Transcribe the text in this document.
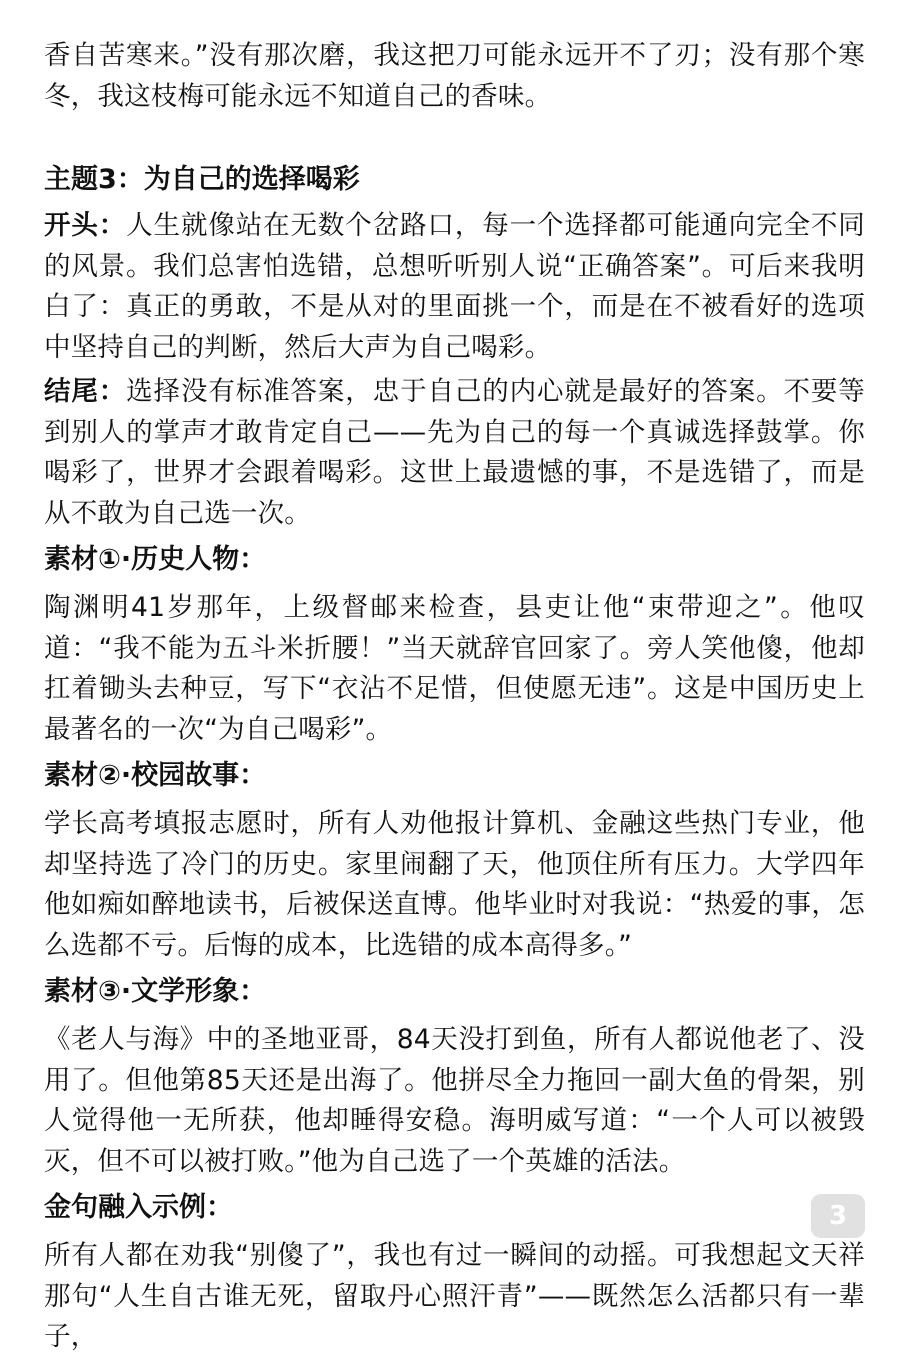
香自苦寒来。”没有那次磨，我这把刀可能永远开不了刃；没有那个寒冬，我这枝梅可能永远不知道自己的香味。

主题3：为自己的选择喝彩

开头：人生就像站在无数个岔路口，每一个选择都可能通向完全不同的风景。我们总害怕选错，总想听听别人说“正确答案”。可后来我明白了：真正的勇敢，不是从对的里面挑一个，而是在不被看好的选项中坚持自己的判断，然后大声为自己喝彩。

结尾：选择没有标准答案，忠于自己的内心就是最好的答案。不要等到别人的掌声才敢肯定自己——先为自己的每一个真诚选择鼓掌。你喝彩了，世界才会跟着喝彩。这世上最遗憾的事，不是选错了，而是从不敢为自己选一次。

素材①·历史人物：

陶渊明41岁那年，上级督邮来检查，县吏让他“束带迎之”。他叹道：“我不能为五斗米折腰！”当天就辞官回家了。旁人笑他傻，他却扛着锄头去种豆，写下“衣沾不足惜，但使愿无违”。这是中国历史上最著名的一次“为自己喝彩”。

素材②·校园故事：

学长高考填报志愿时，所有人劝他报计算机、金融这些热门专业，他却坚持选了冷门的历史。家里闹翻了天，他顶住所有压力。大学四年他如痴如醉地读书，后被保送直博。他毕业时对我说：“热爱的事，怎么选都不亏。后悔的成本，比选错的成本高得多。”

素材③·文学形象：

《老人与海》中的圣地亚哥，84天没打到鱼，所有人都说他老了、没用了。但他第85天还是出海了。他拼尽全力拖回一副大鱼的骨架，别人觉得他一无所获，他却睡得安稳。海明威写道：“一个人可以被毁灭，但不可以被打败。”他为自己选了一个英雄的活法。

金句融入示例：

所有人都在劝我“别傻了”，我也有过一瞬间的动摇。可我想起文天祥那句“人生自古谁无死，留取丹心照汗青”——既然怎么活都只有一辈子，

3
